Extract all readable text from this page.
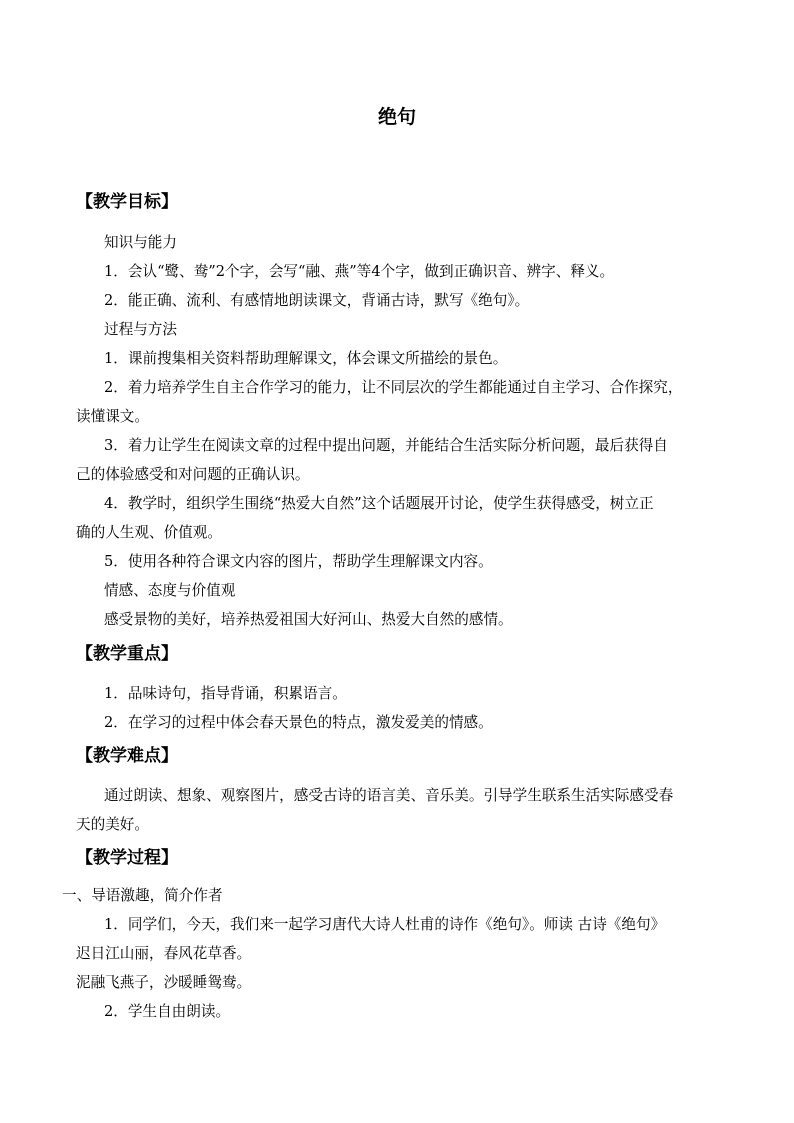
绝句
【教学目标】
知识与能力
1．会认“鹭、鸯”2个字，会写“融、燕”等4个字，做到正确识音、辨字、释义。
2．能正确、流利、有感情地朗读课文，背诵古诗，默写《绝句》。
过程与方法
1．课前搜集相关资料帮助理解课文，体会课文所描绘的景色。
2．着力培养学生自主合作学习的能力，让不同层次的学生都能通过自主学习、合作探究，
读懂课文。
3．着力让学生在阅读文章的过程中提出问题，并能结合生活实际分析问题，最后获得自
己的体验感受和对问题的正确认识。
4．教学时，组织学生围绕“热爱大自然”这个话题展开讨论，使学生获得感受，树立正
确的人生观、价值观。
5．使用各种符合课文内容的图片，帮助学生理解课文内容。
情感、态度与价值观
感受景物的美好，培养热爱祖国大好河山、热爱大自然的感情。
【教学重点】
1．品味诗句，指导背诵，积累语言。
2．在学习的过程中体会春天景色的特点，激发爱美的情感。
【教学难点】
通过朗读、想象、观察图片，感受古诗的语言美、音乐美。引导学生联系生活实际感受春
天的美好。
【教学过程】
一、导语激趣，简介作者
1．同学们，今天，我们来一起学习唐代大诗人杜甫的诗作《绝句》。师读 古诗《绝句》
迟日江山丽，春风花草香。
泥融飞燕子，沙暖睡鸳鸯。
2．学生自由朗读。
